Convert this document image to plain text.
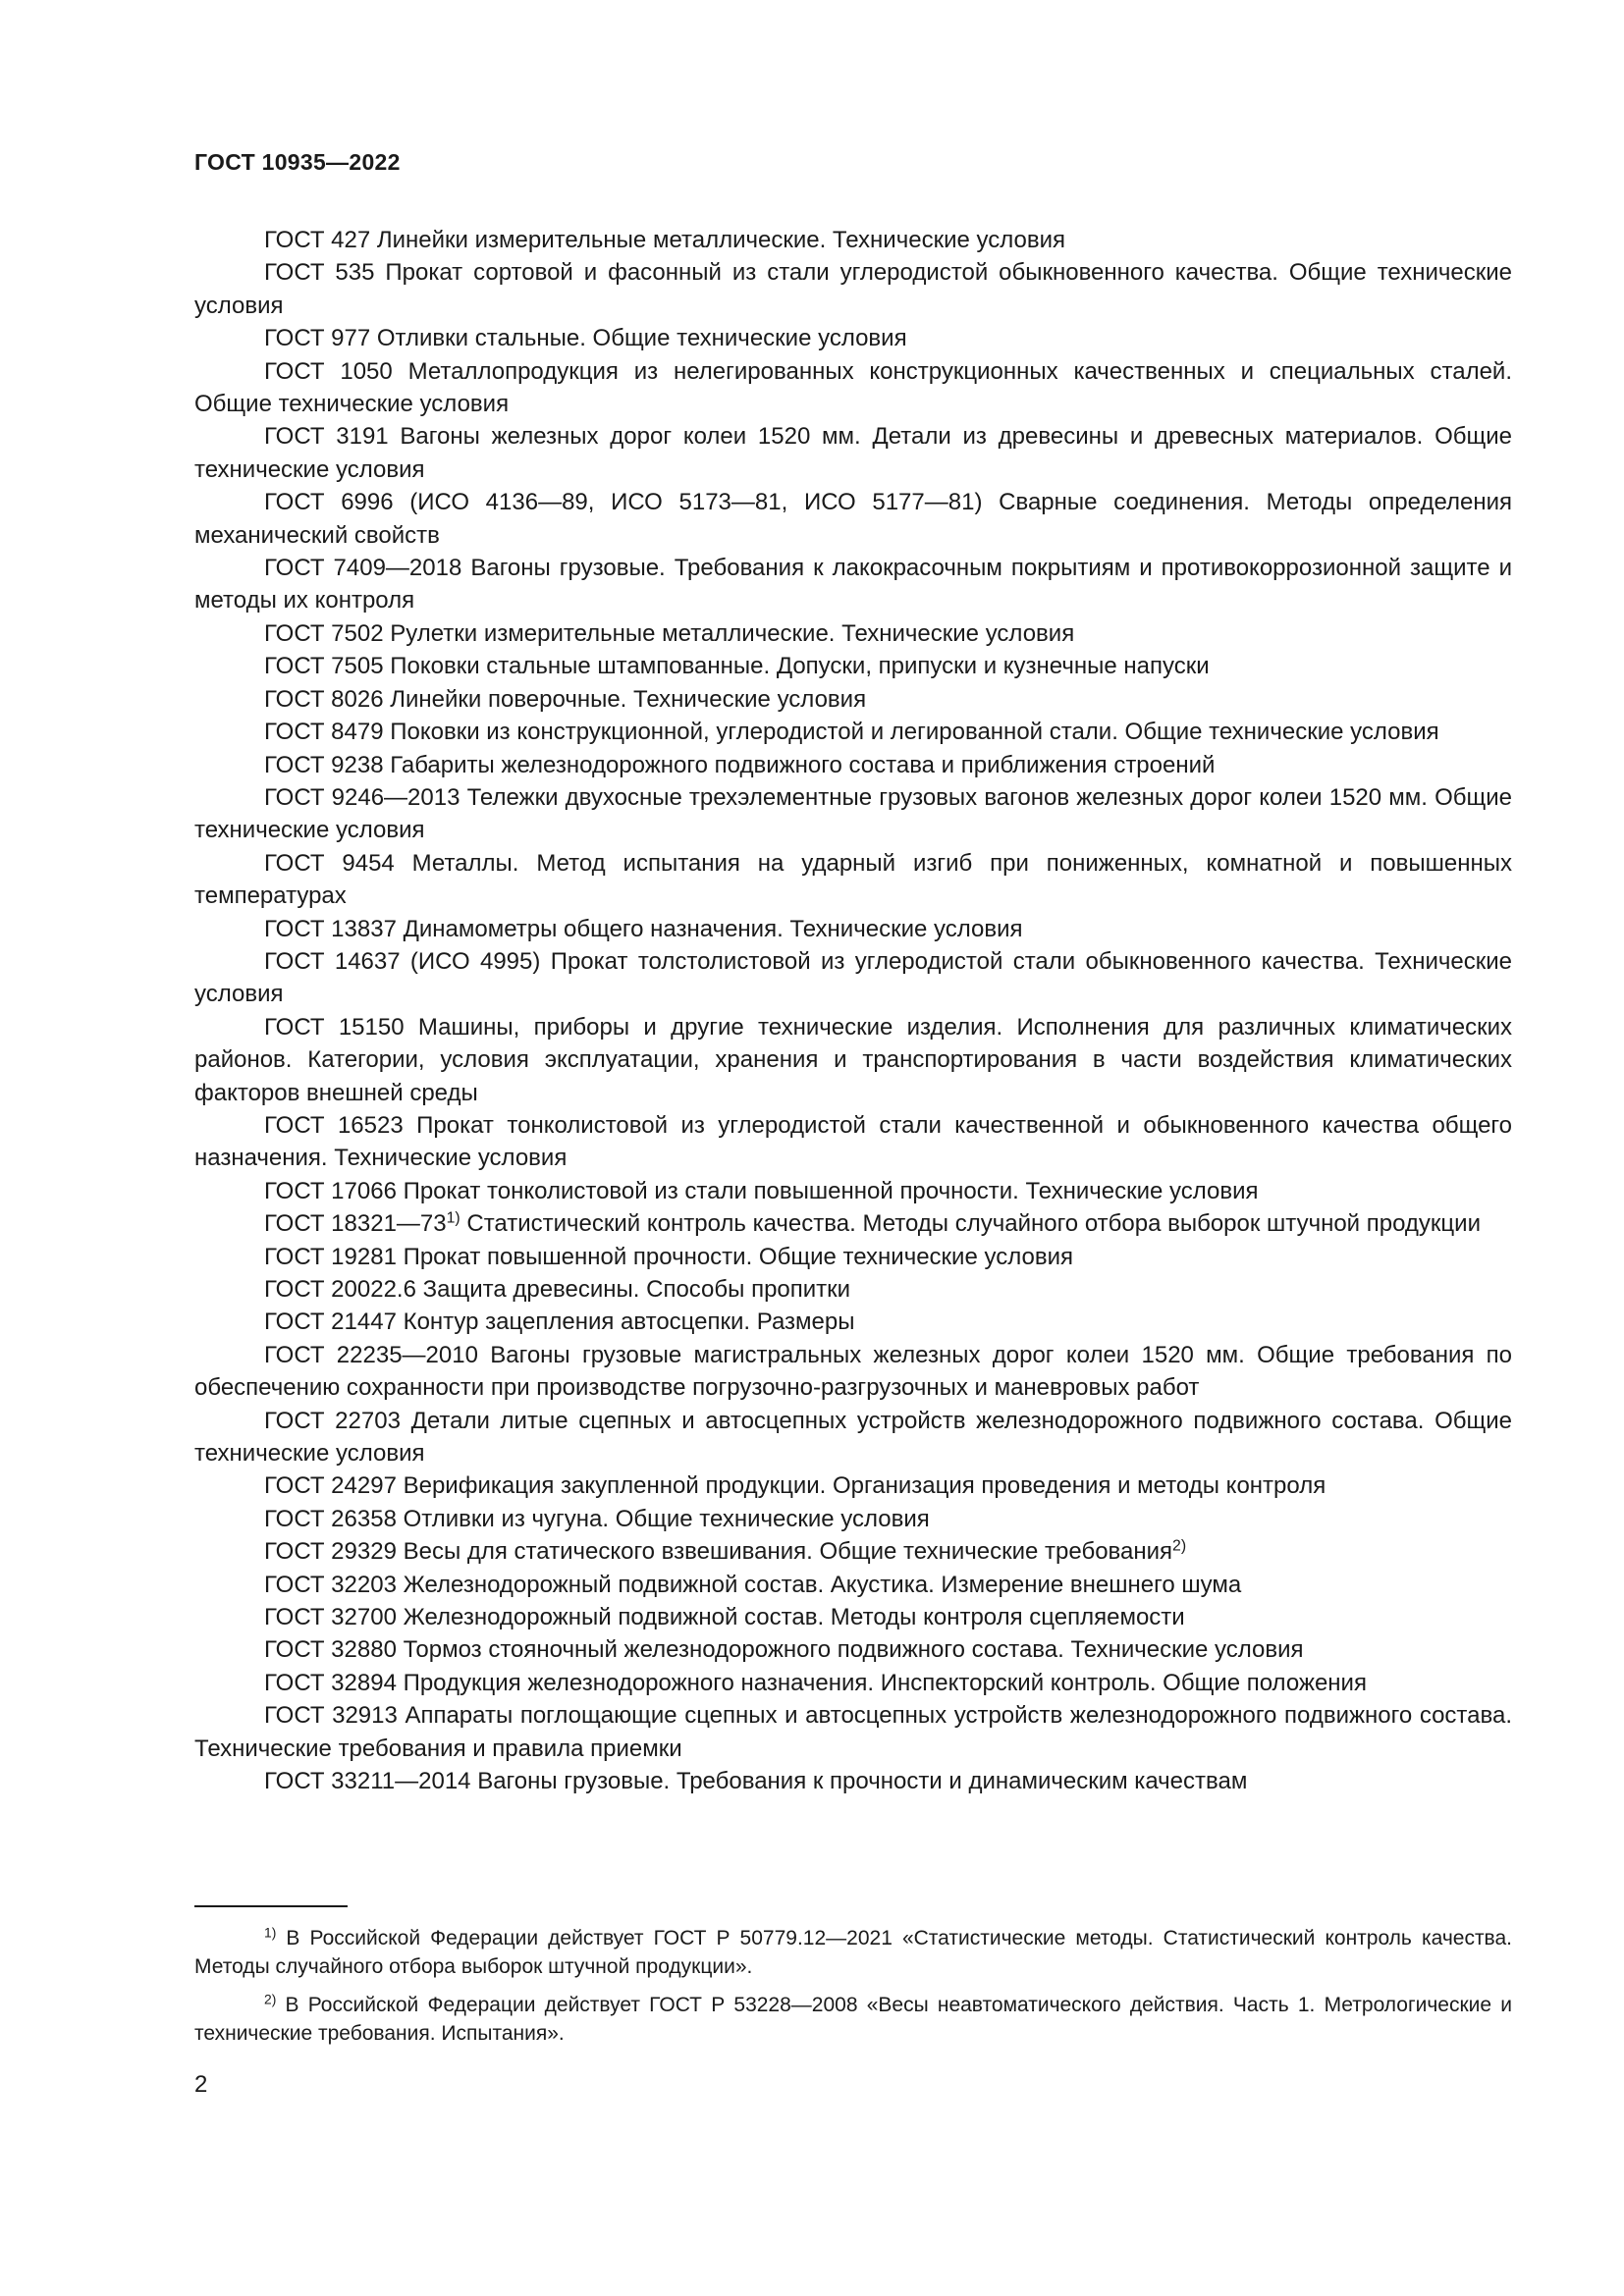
ГОСТ 10935—2022

ГОСТ 427 Линейки измерительные металлические. Технические условия

ГОСТ 535 Прокат сортовой и фасонный из стали углеродистой обыкновенного качества. Общие технические условия

ГОСТ 977 Отливки стальные. Общие технические условия

ГОСТ 1050 Металлопродукция из нелегированных конструкционных качественных и специальных сталей. Общие технические условия

ГОСТ 3191 Вагоны железных дорог колеи 1520 мм. Детали из древесины и древесных материалов. Общие технические условия

ГОСТ 6996 (ИСО 4136—89, ИСО 5173—81, ИСО 5177—81) Сварные соединения. Методы определения механический свойств

ГОСТ 7409—2018 Вагоны грузовые. Требования к лакокрасочным покрытиям и противокоррозионной защите и методы их контроля

ГОСТ 7502 Рулетки измерительные металлические. Технические условия

ГОСТ 7505 Поковки стальные штампованные. Допуски, припуски и кузнечные напуски

ГОСТ 8026 Линейки поверочные. Технические условия

ГОСТ 8479 Поковки из конструкционной, углеродистой и легированной стали. Общие технические условия

ГОСТ 9238 Габариты железнодорожного подвижного состава и приближения строений

ГОСТ 9246—2013 Тележки двухосные трехэлементные грузовых вагонов железных дорог колеи 1520 мм. Общие технические условия

ГОСТ 9454 Металлы. Метод испытания на ударный изгиб при пониженных, комнатной и повышенных температурах

ГОСТ 13837 Динамометры общего назначения. Технические условия

ГОСТ 14637 (ИСО 4995) Прокат толстолистовой из углеродистой стали обыкновенного качества. Технические условия

ГОСТ 15150 Машины, приборы и другие технические изделия. Исполнения для различных климатических районов. Категории, условия эксплуатации, хранения и транспортирования в части воздействия климатических факторов внешней среды

ГОСТ 16523 Прокат тонколистовой из углеродистой стали качественной и обыкновенного качества общего назначения. Технические условия

ГОСТ 17066 Прокат тонколистовой из стали повышенной прочности. Технические условия

ГОСТ 18321—73$^{1)}$ Статистический контроль качества. Методы случайного отбора выборок штучной продукции

ГОСТ 19281 Прокат повышенной прочности. Общие технические условия

ГОСТ 20022.6 Защита древесины. Способы пропитки

ГОСТ 21447 Контур зацепления автосцепки. Размеры

ГОСТ 22235—2010 Вагоны грузовые магистральных железных дорог колеи 1520 мм. Общие требования по обеспечению сохранности при производстве погрузочно-разгрузочных и маневровых работ

ГОСТ 22703 Детали литые сцепных и автосцепных устройств железнодорожного подвижного состава. Общие технические условия

ГОСТ 24297 Верификация закупленной продукции. Организация проведения и методы контроля

ГОСТ 26358 Отливки из чугуна. Общие технические условия

ГОСТ 29329 Весы для статического взвешивания. Общие технические требования$^{2)}$

ГОСТ 32203 Железнодорожный подвижной состав. Акустика. Измерение внешнего шума

ГОСТ 32700 Железнодорожный подвижной состав. Методы контроля сцепляемости

ГОСТ 32880 Тормоз стояночный железнодорожного подвижного состава. Технические условия

ГОСТ 32894 Продукция железнодорожного назначения. Инспекторский контроль. Общие положения

ГОСТ 32913 Аппараты поглощающие сцепных и автосцепных устройств железнодорожного подвижного состава. Технические требования и правила приемки

ГОСТ 33211—2014 Вагоны грузовые. Требования к прочности и динамическим качествам

$^{1)}$ В Российской Федерации действует ГОСТ Р 50779.12—2021 «Статистические методы. Статистический контроль качества. Методы случайного отбора выборок штучной продукции».

$^{2)}$ В Российской Федерации действует ГОСТ Р 53228—2008 «Весы неавтоматического действия. Часть 1. Метрологические и технические требования. Испытания».

2
